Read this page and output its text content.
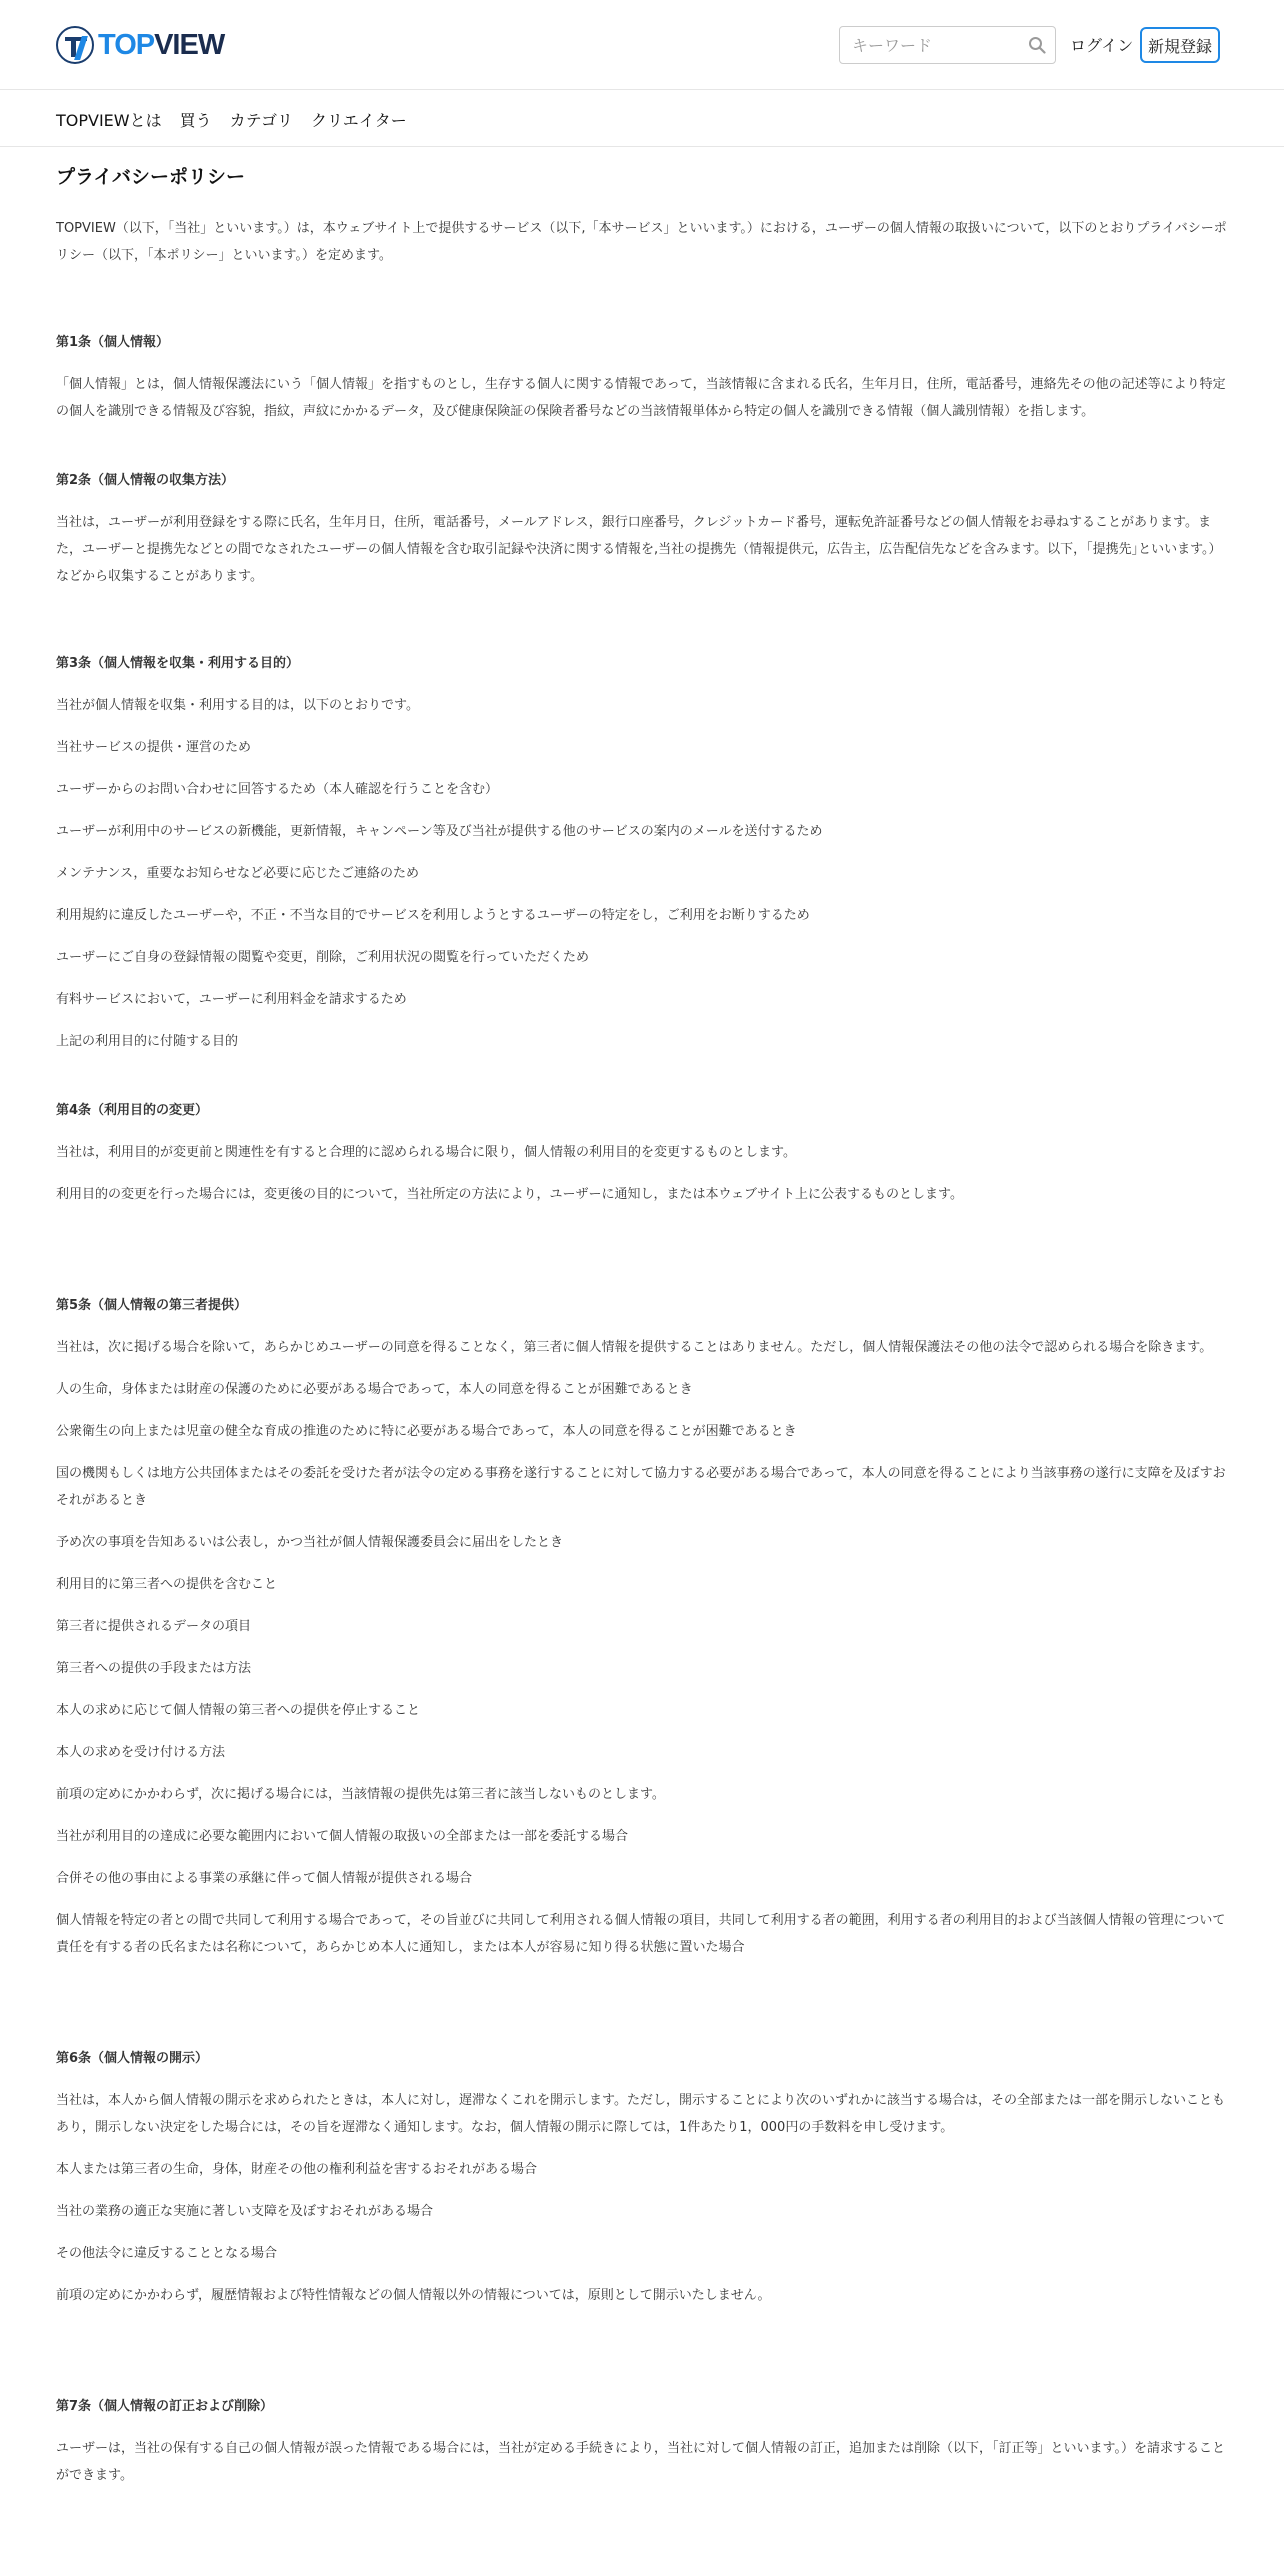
TOPVIEW
キーワード	ログイン 新規登録
TOPVIEWとは 買う カテゴリ クリエイター
プライバシーポリシー

TOPVIEW（以下，「当社」といいます。）は，本ウェブサイト上で提供するサービス（以下,「本サービス」といいます。）における，ユーザーの個人情報の取扱いについて，以下のとおりプライバシーポリシー（以下，「本ポリシー」といいます。）を定めます。

第1条（個人情報）

「個人情報」とは，個人情報保護法にいう「個人情報」を指すものとし，生存する個人に関する情報であって，当該情報に含まれる氏名，生年月日，住所，電話番号，連絡先その他の記述等により特定の個人を識別できる情報及び容貌，指紋，声紋にかかるデータ，及び健康保険証の保険者番号などの当該情報単体から特定の個人を識別できる情報（個人識別情報）を指します。

第2条（個人情報の収集方法）

当社は，ユーザーが利用登録をする際に氏名，生年月日，住所，電話番号，メールアドレス，銀行口座番号，クレジットカード番号，運転免許証番号などの個人情報をお尋ねすることがあります。また，ユーザーと提携先などとの間でなされたユーザーの個人情報を含む取引記録や決済に関する情報を,当社の提携先（情報提供元，広告主，広告配信先などを含みます。以下，｢提携先｣といいます。）などから収集することがあります。

第3条（個人情報を収集・利用する目的）

当社が個人情報を収集・利用する目的は，以下のとおりです。

当社サービスの提供・運営のため

ユーザーからのお問い合わせに回答するため（本人確認を行うことを含む）

ユーザーが利用中のサービスの新機能，更新情報，キャンペーン等及び当社が提供する他のサービスの案内のメールを送付するため

メンテナンス，重要なお知らせなど必要に応じたご連絡のため

利用規約に違反したユーザーや，不正・不当な目的でサービスを利用しようとするユーザーの特定をし，ご利用をお断りするため

ユーザーにご自身の登録情報の閲覧や変更，削除，ご利用状況の閲覧を行っていただくため

有料サービスにおいて，ユーザーに利用料金を請求するため

上記の利用目的に付随する目的

第4条（利用目的の変更）

当社は，利用目的が変更前と関連性を有すると合理的に認められる場合に限り，個人情報の利用目的を変更するものとします。

利用目的の変更を行った場合には，変更後の目的について，当社所定の方法により，ユーザーに通知し，または本ウェブサイト上に公表するものとします。

第5条（個人情報の第三者提供）

当社は，次に掲げる場合を除いて，あらかじめユーザーの同意を得ることなく，第三者に個人情報を提供することはありません。ただし，個人情報保護法その他の法令で認められる場合を除きます。

人の生命，身体または財産の保護のために必要がある場合であって，本人の同意を得ることが困難であるとき

公衆衛生の向上または児童の健全な育成の推進のために特に必要がある場合であって，本人の同意を得ることが困難であるとき

国の機関もしくは地方公共団体またはその委託を受けた者が法令の定める事務を遂行することに対して協力する必要がある場合であって，本人の同意を得ることにより当該事務の遂行に支障を及ぼすおそれがあるとき

予め次の事項を告知あるいは公表し，かつ当社が個人情報保護委員会に届出をしたとき

利用目的に第三者への提供を含むこと

第三者に提供されるデータの項目

第三者への提供の手段または方法

本人の求めに応じて個人情報の第三者への提供を停止すること

本人の求めを受け付ける方法

前項の定めにかかわらず，次に掲げる場合には，当該情報の提供先は第三者に該当しないものとします。

当社が利用目的の達成に必要な範囲内において個人情報の取扱いの全部または一部を委託する場合

合併その他の事由による事業の承継に伴って個人情報が提供される場合

個人情報を特定の者との間で共同して利用する場合であって，その旨並びに共同して利用される個人情報の項目，共同して利用する者の範囲，利用する者の利用目的および当該個人情報の管理について責任を有する者の氏名または名称について，あらかじめ本人に通知し，または本人が容易に知り得る状態に置いた場合

第6条（個人情報の開示）

当社は，本人から個人情報の開示を求められたときは，本人に対し，遅滞なくこれを開示します。ただし，開示することにより次のいずれかに該当する場合は，その全部または一部を開示しないこともあり，開示しない決定をした場合には，その旨を遅滞なく通知します。なお，個人情報の開示に際しては，1件あたり1，000円の手数料を申し受けます。

本人または第三者の生命，身体，財産その他の権利利益を害するおそれがある場合

当社の業務の適正な実施に著しい支障を及ぼすおそれがある場合

その他法令に違反することとなる場合

前項の定めにかかわらず，履歴情報および特性情報などの個人情報以外の情報については，原則として開示いたしません。

第7条（個人情報の訂正および削除）

ユーザーは，当社の保有する自己の個人情報が誤った情報である場合には，当社が定める手続きにより，当社に対して個人情報の訂正，追加または削除（以下，「訂正等」といいます。）を請求することができます。
